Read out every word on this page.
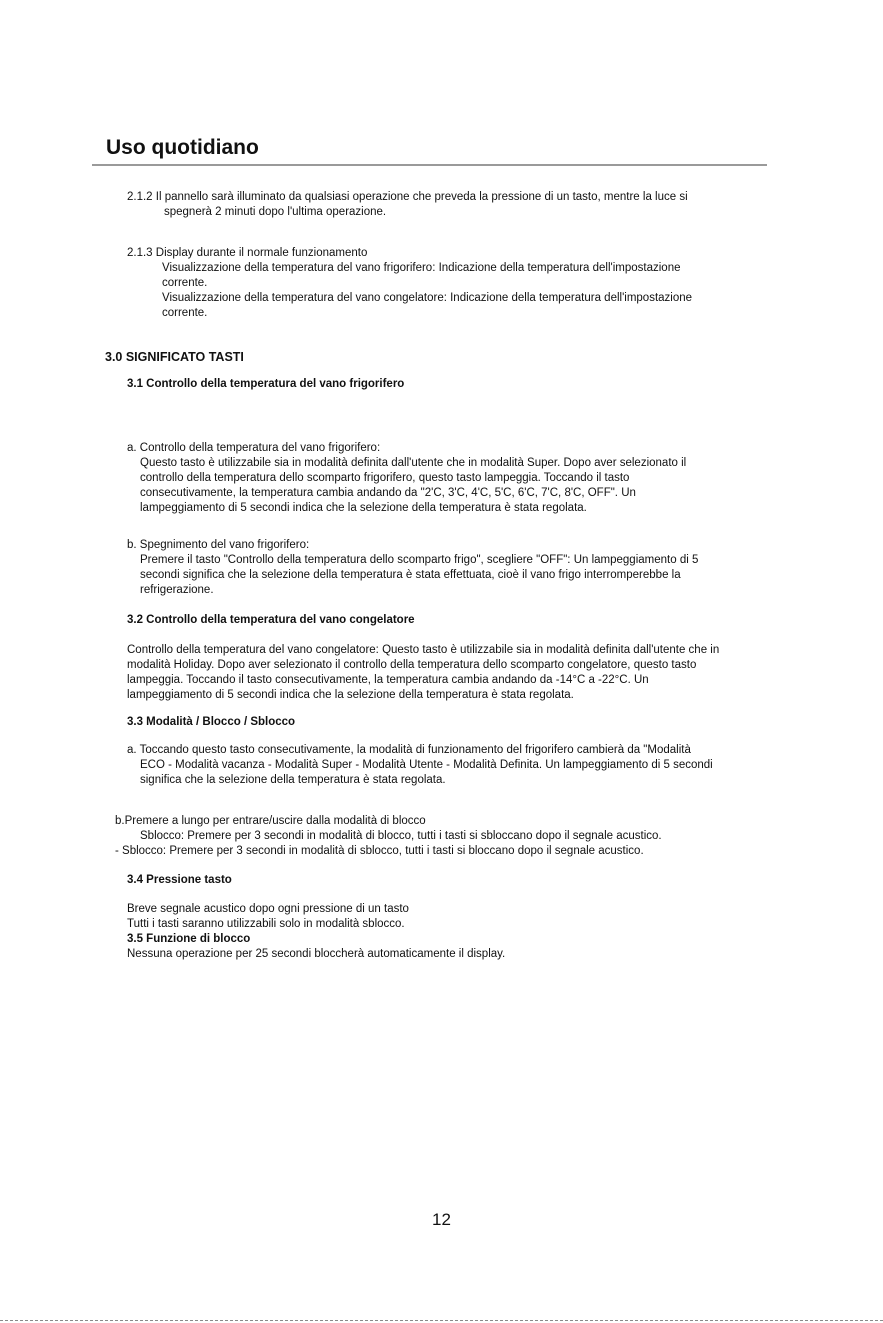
Uso quotidiano

2.1.2 Il pannello sarà illuminato da qualsiasi operazione che preveda la pressione di un tasto, mentre la luce si

spegnerà 2 minuti dopo l'ultima operazione.

2.1.3 Display durante il normale funzionamento

Visualizzazione della temperatura del vano frigorifero: Indicazione della temperatura dell'impostazione

corrente.

Visualizzazione della temperatura del vano congelatore: Indicazione della temperatura dell'impostazione

corrente.

3.0 SIGNIFICATO TASTI

3.1 Controllo della temperatura del vano frigorifero

a. Controllo della temperatura del vano frigorifero:

Questo tasto è utilizzabile sia in modalità definita dall'utente che in modalità Super. Dopo aver selezionato il

controllo della temperatura dello scomparto frigorifero, questo tasto lampeggia. Toccando il tasto

consecutivamente, la temperatura cambia andando da "2'C, 3'C, 4'C, 5'C, 6'C, 7'C, 8'C, OFF". Un

lampeggiamento di 5 secondi indica che la selezione della temperatura è stata regolata.

b. Spegnimento del vano frigorifero:

Premere il tasto "Controllo della temperatura dello scomparto frigo", scegliere "OFF": Un lampeggiamento di 5

secondi significa che la selezione della temperatura è stata effettuata, cioè il vano frigo interromperebbe la

refrigerazione.

3.2 Controllo della temperatura del vano congelatore

Controllo della temperatura del vano congelatore: Questo tasto è utilizzabile sia in modalità definita dall'utente che in

modalità Holiday. Dopo aver selezionato il controllo della temperatura dello scomparto congelatore, questo tasto

lampeggia. Toccando il tasto consecutivamente, la temperatura cambia andando da -14°C a -22°C. Un

lampeggiamento di 5 secondi indica che la selezione della temperatura è stata regolata.

3.3 Modalità / Blocco / Sblocco

a. Toccando questo tasto consecutivamente, la modalità di funzionamento del frigorifero cambierà da "Modalità

ECO - Modalità vacanza - Modalità Super - Modalità Utente - Modalità Definita. Un lampeggiamento di 5 secondi

significa che la selezione della temperatura è stata regolata.

b.Premere a lungo per entrare/uscire dalla modalità di blocco

Sblocco: Premere per 3 secondi in modalità di blocco, tutti i tasti si sbloccano dopo il segnale acustico.

- Sblocco: Premere per 3 secondi in modalità di sblocco, tutti i tasti si bloccano dopo il segnale acustico.

3.4 Pressione tasto

Breve segnale acustico dopo ogni pressione di un tasto

Tutti i tasti saranno utilizzabili solo in modalità sblocco.

3.5 Funzione di blocco

Nessuna operazione per 25 secondi bloccherà automaticamente il display.

12
